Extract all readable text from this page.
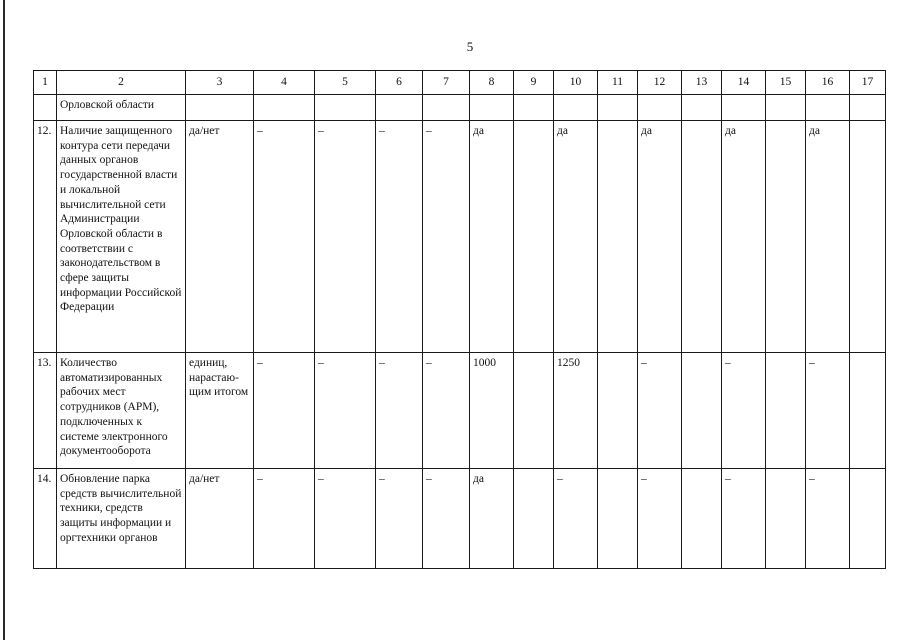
5
1	2	3	4	5	6	7	8	9	10	11	12	13	14	15	16	17
	Орловской области															
12.	Наличие защищенного контура сети передачи данных органов государственной власти и локальной вычислительной сети Администрации Орловской области в соответствии с законодательством в сфере защиты информации Российской Федерации	да/нет	–	–	–	–	да		да		да		да		да	
13.	Количество автоматизированных рабочих мест сотрудников (АРМ), подключенных к системе электронного документооборота	единиц, нарастаю-щим итогом	–	–	–	–	1000		1250		–		–		–	
14.	Обновление парка средств вычислительной техники, средств защиты информации и оргтехники органов	да/нет	–	–	–	–	да		–		–		–		–	
